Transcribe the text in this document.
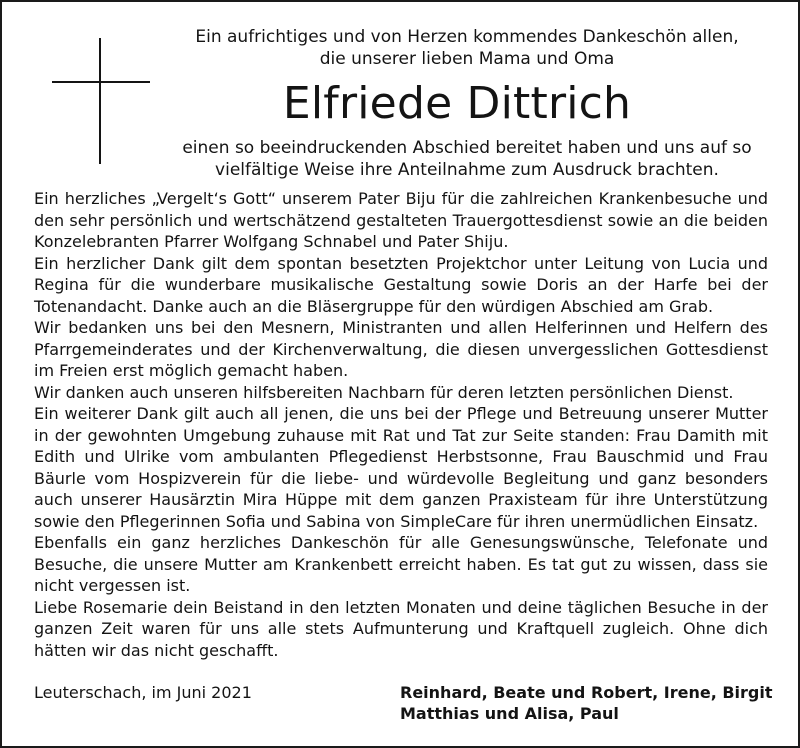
Ein aufrichtiges und von Herzen kommendes Dankeschön allen,
die unserer lieben Mama und Oma
Elfriede Dittrich
einen so beeindruckenden Abschied bereitet haben und uns auf so
vielfältige Weise ihre Anteilnahme zum Ausdruck brachten.

Ein herzliches „Vergelt‘s Gott“ unserem Pater Biju für die zahlreichen Krankenbesuche und den sehr persönlich und wertschätzend gestalteten Trauergottesdienst sowie an die beiden Konzelebranten Pfarrer Wolfgang Schnabel und Pater Shiju.

Ein herzlicher Dank gilt dem spontan besetzten Projektchor unter Leitung von Lucia und Regina für die wunderbare musikalische Gestaltung sowie Doris an der Harfe bei der Totenandacht. Danke auch an die Bläsergruppe für den würdigen Abschied am Grab.

Wir bedanken uns bei den Mesnern, Ministranten und allen Helferinnen und Helfern des Pfarrgemeinderates und der Kirchenverwaltung, die diesen unvergesslichen Gottesdienst im Freien erst möglich gemacht haben.

Wir danken auch unseren hilfsbereiten Nachbarn für deren letzten persönlichen Dienst.

Ein weiterer Dank gilt auch all jenen, die uns bei der Pflege und Betreuung unserer Mutter in der gewohnten Umgebung zuhause mit Rat und Tat zur Seite standen: Frau Damith mit Edith und Ulrike vom ambulanten Pflegedienst Herbstsonne, Frau Bauschmid und Frau Bäurle vom Hospizverein für die liebe- und würdevolle Begleitung und ganz besonders auch unserer Hausärztin Mira Hüppe mit dem ganzen Praxisteam für ihre Unterstützung sowie den Pflegerinnen Sofia und Sabina von SimpleCare für ihren unermüdlichen Einsatz.

Ebenfalls ein ganz herzliches Dankeschön für alle Genesungswünsche, Telefonate und Besuche, die unsere Mutter am Krankenbett erreicht haben. Es tat gut zu wissen, dass sie nicht vergessen ist.

Liebe Rosemarie dein Beistand in den letzten Monaten und deine täglichen Besuche in der ganzen Zeit waren für uns alle stets Aufmunterung und Kraftquell zugleich. Ohne dich hätten wir das nicht geschafft.

Leuterschach, im Juni 2021	Reinhard, Beate und Robert, Irene, Birgit
Matthias und Alisa, Paul
